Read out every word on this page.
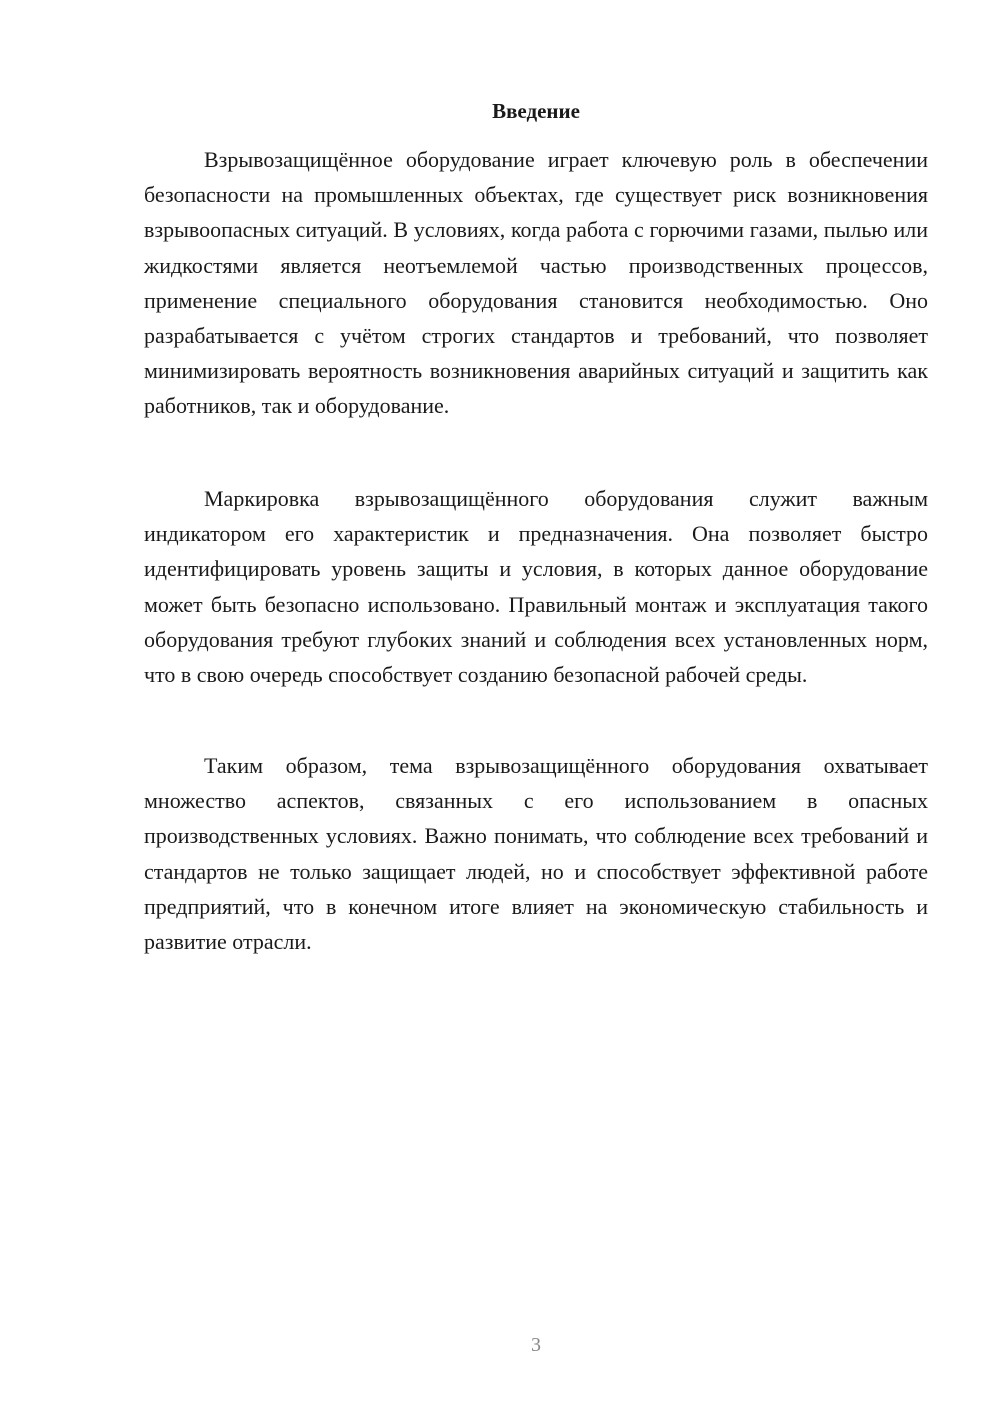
Введение

Взрывозащищённое оборудование играет ключевую роль в обеспечении безопасности на промышленных объектах, где существует риск возникновения взрывоопасных ситуаций. В условиях, когда работа с горючими газами, пылью или жидкостями является неотъемлемой частью производственных процессов, применение специального оборудования становится необходимостью. Оно разрабатывается с учётом строгих стандартов и требований, что позволяет минимизировать вероятность возникновения аварийных ситуаций и защитить как работников, так и оборудование.

Маркировка взрывозащищённого оборудования служит важным индикатором его характеристик и предназначения. Она позволяет быстро идентифицировать уровень защиты и условия, в которых данное оборудование может быть безопасно использовано. Правильный монтаж и эксплуатация такого оборудования требуют глубоких знаний и соблюдения всех установленных норм, что в свою очередь способствует созданию безопасной рабочей среды.

Таким образом, тема взрывозащищённого оборудования охватывает множество аспектов, связанных с его использованием в опасных производственных условиях. Важно понимать, что соблюдение всех требований и стандартов не только защищает людей, но и способствует эффективной работе предприятий, что в конечном итоге влияет на экономическую стабильность и развитие отрасли.

3
